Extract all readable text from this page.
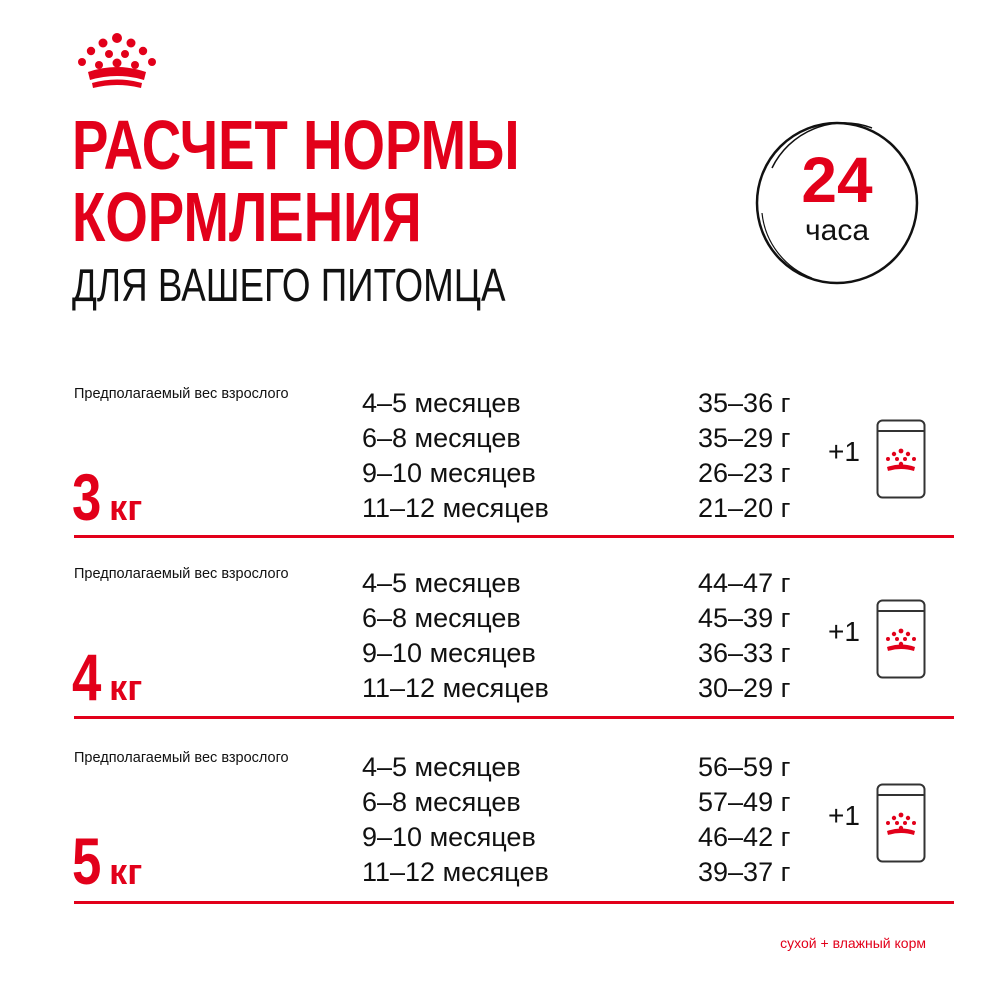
РАСЧЕТ НОРМЫ
КОРМЛЕНИЯ
ДЛЯ ВАШЕГО ПИТОМЦА
24
часа

Предполагаемый вес взрослого

3 кг
4–5 месяцев	35–36 г
6–8 месяцев	35–29 г
9–10 месяцев	26–23 г
11–12 месяцев	21–20 г
+1

Предполагаемый вес взрослого

4 кг
4–5 месяцев	44–47 г
6–8 месяцев	45–39 г
9–10 месяцев	36–33 г
11–12 месяцев	30–29 г
+1

Предполагаемый вес взрослого

5 кг
4–5 месяцев	56–59 г
6–8 месяцев	57–49 г
9–10 месяцев	46–42 г
11–12 месяцев	39–37 г
+1
сухой + влажный корм
